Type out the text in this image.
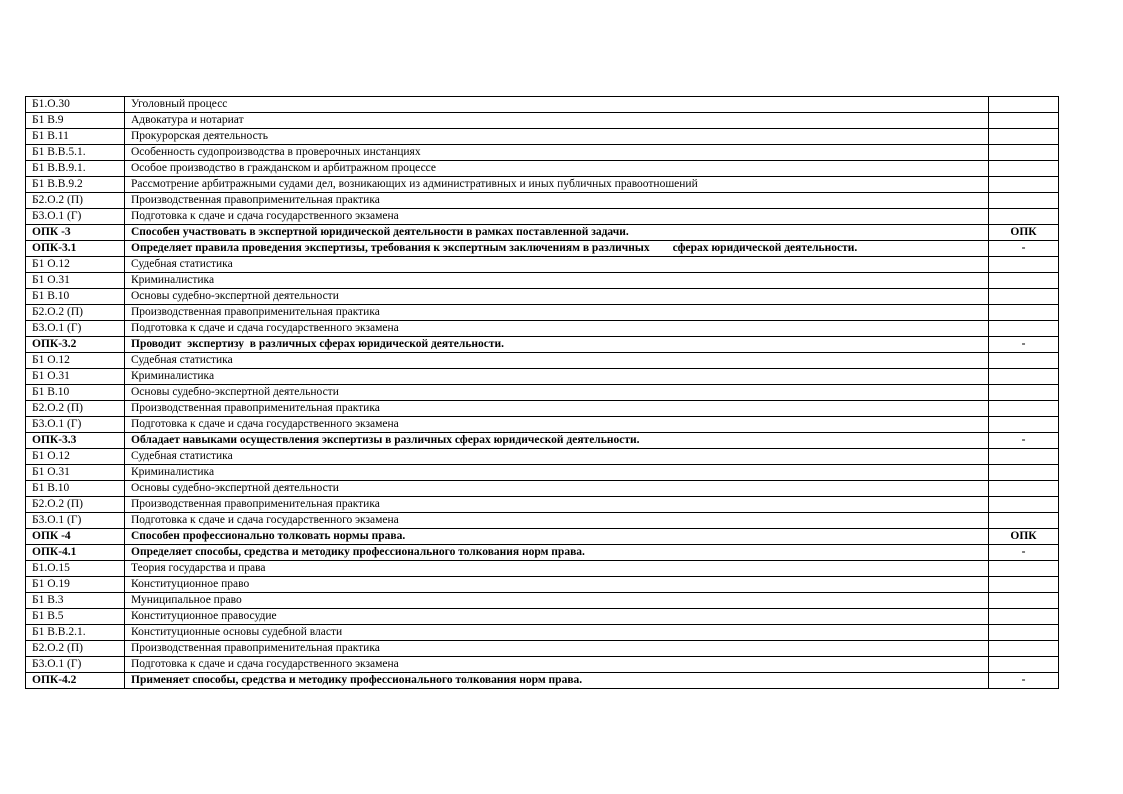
Б1.О.30	Уголовный процесс	
Б1 В.9	Адвокатура и нотариат	
Б1 В.11	Прокурорская деятельность	
Б1 В.В.5.1.	Особенность судопроизводства в проверочных инстанциях	
Б1 В.В.9.1.	Особое производство в гражданском и арбитражном процессе	
Б1 В.В.9.2	Рассмотрение арбитражными судами дел, возникающих из административных и иных публичных правоотношений	
Б2.О.2 (П)	Производственная правоприменительная практика	
Б3.О.1 (Г)	Подготовка к сдаче и сдача государственного экзамена	
ОПК -3	Способен участвовать в экспертной юридической деятельности в рамках поставленной задачи.	ОПК
ОПК-3.1	Определяет правила проведения экспертизы, требования к экспертным заключениям в различных        сферах юридической деятельности.	-
Б1 О.12	Судебная статистика	
Б1 О.31	Криминалистика	
Б1 В.10	Основы судебно-экспертной деятельности	
Б2.О.2 (П)	Производственная правоприменительная практика	
Б3.О.1 (Г)	Подготовка к сдаче и сдача государственного экзамена	
ОПК-3.2	Проводит  экспертизу  в различных сферах юридической деятельности.	-
Б1 О.12	Судебная статистика	
Б1 О.31	Криминалистика	
Б1 В.10	Основы судебно-экспертной деятельности	
Б2.О.2 (П)	Производственная правоприменительная практика	
Б3.О.1 (Г)	Подготовка к сдаче и сдача государственного экзамена	
ОПК-3.3	Обладает навыками осуществления экспертизы в различных сферах юридической деятельности.	-
Б1 О.12	Судебная статистика	
Б1 О.31	Криминалистика	
Б1 В.10	Основы судебно-экспертной деятельности	
Б2.О.2 (П)	Производственная правоприменительная практика	
Б3.О.1 (Г)	Подготовка к сдаче и сдача государственного экзамена	
ОПК -4	Способен профессионально толковать нормы права.	ОПК
ОПК-4.1	Определяет способы, средства и методику профессионального толкования норм права.	-
Б1.О.15	Теория государства и права	
Б1 О.19	Конституционное право	
Б1 В.3	Муниципальное право	
Б1 В.5	Конституционное правосудие	
Б1 В.В.2.1.	Конституционные основы судебной власти	
Б2.О.2 (П)	Производственная правоприменительная практика	
Б3.О.1 (Г)	Подготовка к сдаче и сдача государственного экзамена	
ОПК-4.2	Применяет способы, средства и методику профессионального толкования норм права.	-
